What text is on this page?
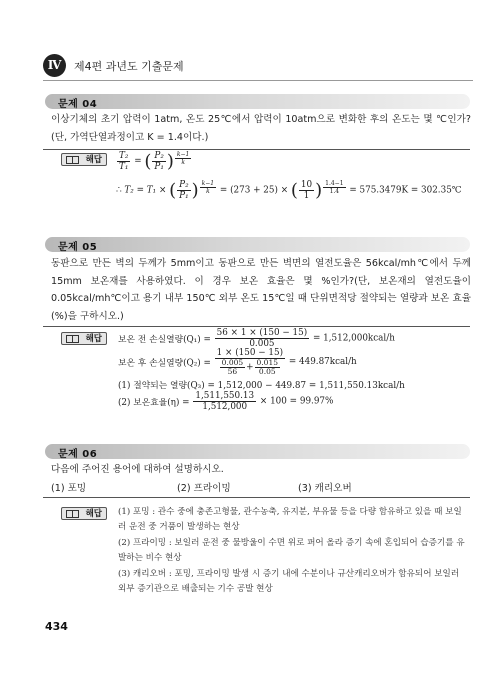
Ⅳ	제4편 과년도 기출문제
문제 04
이상기체의 초기 압력이 1atm, 온도 25℃에서 압력이 10atm으로 변화한 후의 온도는 몇 ℃인가?(단, 가역단열과정이고 K = 1.4이다.)
해답	$\frac{\text{T₂}}{\text{T₁}}$ = ( $\frac{\text{P₂}}{\text{P₁}}$ ) $\frac{k-1}{k}$
∴ T₂ = T₁ × ( $\frac{\text{P₂}}{\text{P₁}}$ ) $\frac{k-1}{k} = (273 + 25)$ × ( $\frac{10}{1}$ ) $\frac{1.4-1}{1.4} = 575.3479K$ = 302.35℃
문제 05
동판으로 만든 벽의 두께가 5mm이고 동판으로 만든 벽면의 열전도율은 56kcal/mh℃에서 두께 15mm 보온재를 사용하였다. 이 경우 보온 효율은 몇 %인가?(단, 보온재의 열전도율이 0.05kcal/mh℃이고 용기 내부 150℃ 외부 온도 15℃일 때 단위면적당 절약되는 열량과 보온 효율(%)을 구하시오.)
해답	보온 전 손실열량$(Q_1) = \frac{56 \times 1 \times (150 - 15)}{0.005}$ = 1,512,000kcal/h
보온 후 손실열량$(Q_2) = \frac{1 \times (150 - 15)}{\frac{0.005}{56} + \frac{0.015}{0.05}}$ = 449.87kcal/h
(1) 절약되는 열량(Q₃) = 1,512,000 − 449.87 = 1,511,550.13kcal/h
(2) 보온효율$(\eta) = \frac{1,511,550.13}{1,512,000} \times 100 = 99.97\%$
문제 06
다음에 주어진 용어에 대하여 설명하시오.
(1) 포밍	(2) 프라이밍	(3) 캐리오버
해답	(1) 포밍 : 관수 중에 충존고형물, 관수농축, 유지분, 부유물 등을 다량 함유하고 있을 때 보일러 운전 중 거품이 발생하는 현상
(2) 프라이밍 : 보일러 운전 중 물방울이 수면 위로 퍼어 올라 증기 속에 혼입되어 습증기를 유발하는 비수 현상
(3) 캐리오버 : 포밍, 프라이밍 발생 시 증기 내에 수분이나 규산캐리오버가 함유되어 보일러 외부 증기관으로 배출되는 기수 공발 현상
434
